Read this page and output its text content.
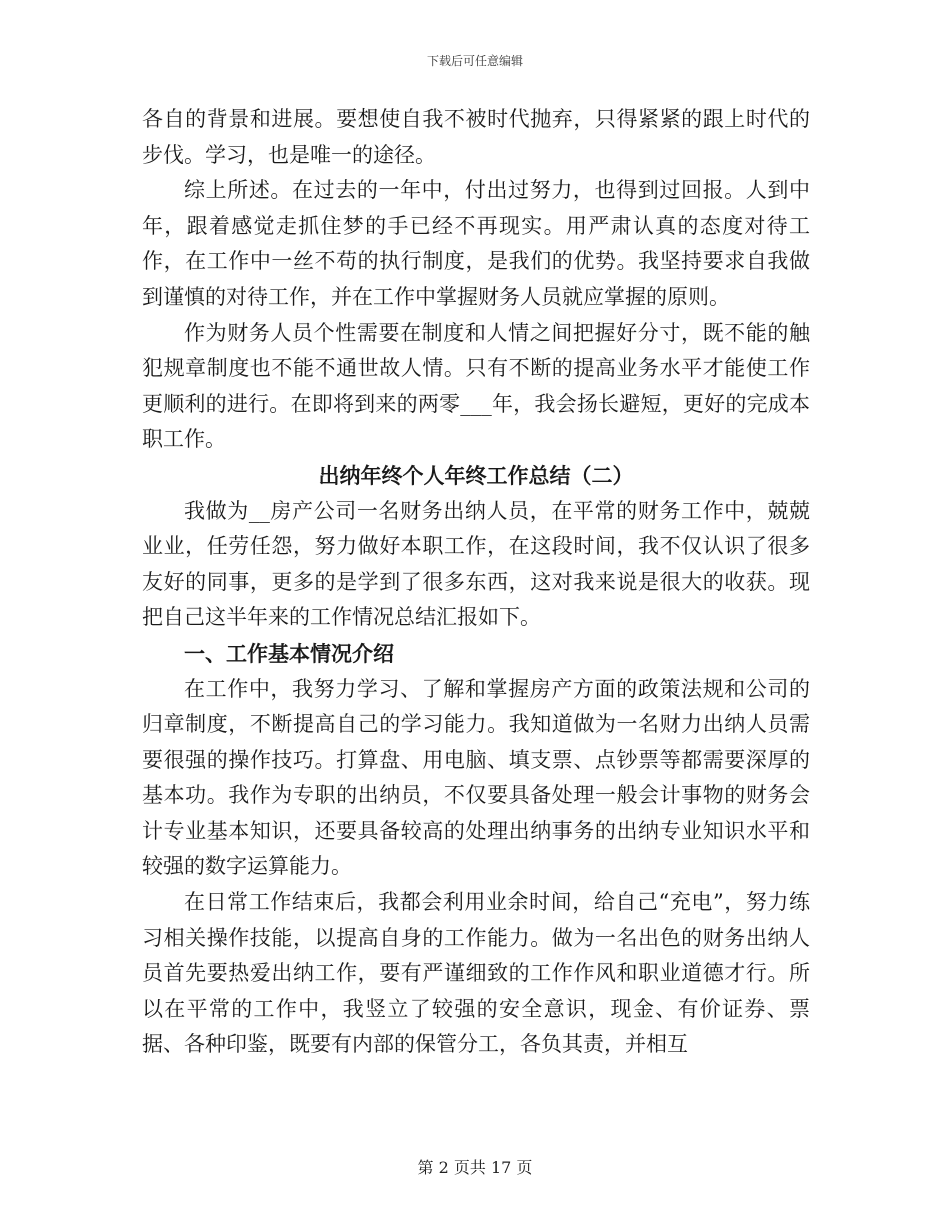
下载后可任意编辑

各自的背景和进展。要想使自我不被时代抛弃，只得紧紧的跟上时代的步伐。学习，也是唯一的途径。

综上所述。在过去的一年中，付出过努力，也得到过回报。人到中年，跟着感觉走抓住梦的手已经不再现实。用严肃认真的态度对待工作，在工作中一丝不苟的执行制度，是我们的优势。我坚持要求自我做到谨慎的对待工作，并在工作中掌握财务人员就应掌握的原则。

作为财务人员个性需要在制度和人情之间把握好分寸，既不能的触犯规章制度也不能不通世故人情。只有不断的提高业务水平才能使工作更顺利的进行。在即将到来的两零___年，我会扬长避短，更好的完成本职工作。

出纳年终个人年终工作总结（二）

我做为__房产公司一名财务出纳人员，在平常的财务工作中，兢兢业业，任劳任怨，努力做好本职工作，在这段时间，我不仅认识了很多友好的同事，更多的是学到了很多东西，这对我来说是很大的收获。现把自己这半年来的工作情况总结汇报如下。

一、工作基本情况介绍

在工作中，我努力学习、了解和掌握房产方面的政策法规和公司的归章制度，不断提高自己的学习能力。我知道做为一名财力出纳人员需要很强的操作技巧。打算盘、用电脑、填支票、点钞票等都需要深厚的基本功。我作为专职的出纳员，不仅要具备处理一般会计事物的财务会计专业基本知识，还要具备较高的处理出纳事务的出纳专业知识水平和较强的数字运算能力。

在日常工作结束后，我都会利用业余时间，给自己“充电”，努力练习相关操作技能，以提高自身的工作能力。做为一名出色的财务出纳人员首先要热爱出纳工作，要有严谨细致的工作作风和职业道德才行。所以在平常的工作中，我竖立了较强的安全意识，现金、有价证券、票据、各种印鉴，既要有内部的保管分工，各负其责，并相互

第 2 页共 17 页
